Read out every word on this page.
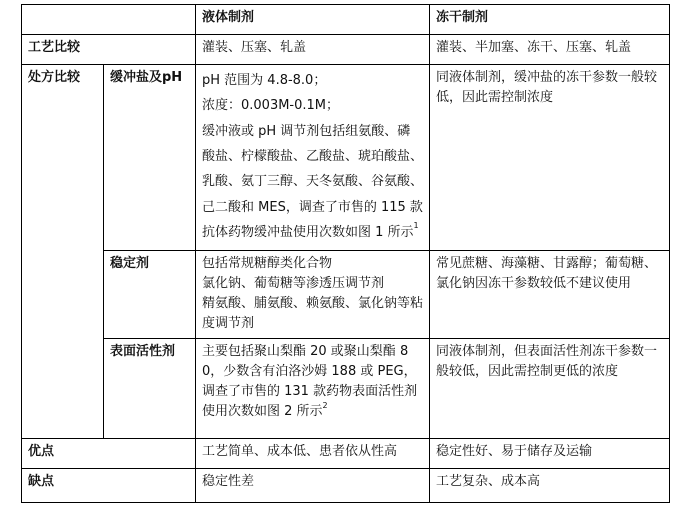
		液体制剂	冻干制剂
工艺比较		灌装、压塞、轧盖	灌装、半加塞、冻干、压塞、轧盖
处方比较	缓冲盐及pH	pH 范围为 4.8-8.0；
浓度：0.003M-0.1M；
缓冲液或 pH 调节剂包括组氨酸、磷酸盐、柠檬酸盐、乙酸盐、琥珀酸盐、乳酸、氨丁三醇、天冬氨酸、谷氨酸、己二酸和 MES，调查了市售的 115 款抗体药物缓冲盐使用次数如图 1 所示$^1$	同液体制剂，缓冲盐的冻干参数一般较低，因此需控制浓度
	稳定剂	包括常规糖醇类化合物
氯化钠、葡萄糖等渗透压调节剂
精氨酸、脯氨酸、赖氨酸、氯化钠等粘度调节剂	常见蔗糖、海藻糖、甘露醇；葡萄糖、氯化钠因冻干参数较低不建议使用
	表面活性剂	主要包括聚山梨酯 20 或聚山梨酯 80，少数含有泊洛沙姆 188 或 PEG，调查了市售的 131 款药物表面活性剂使用次数如图 2 所示$^2$	同液体制剂，但表面活性剂冻干参数一般较低，因此需控制更低的浓度
优点		工艺简单、成本低、患者依从性高	稳定性好、易于储存及运输
缺点		稳定性差	工艺复杂、成本高
